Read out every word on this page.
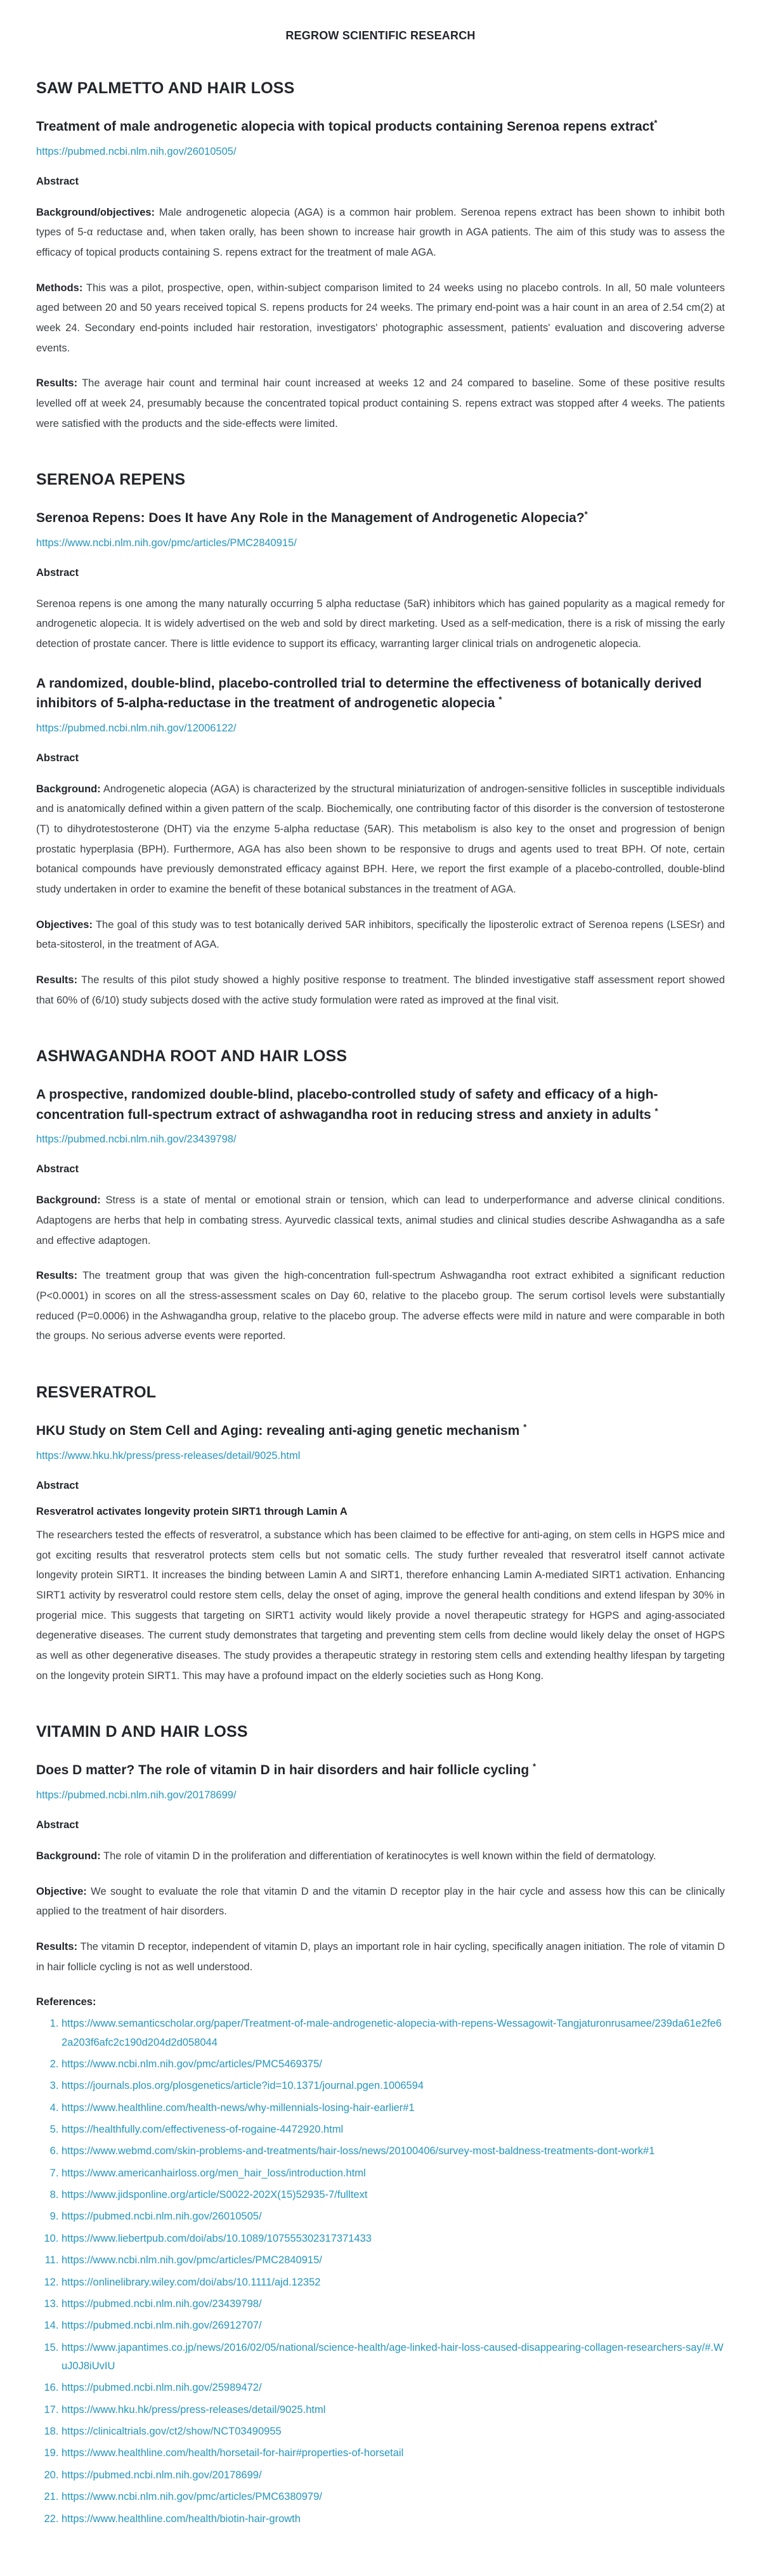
REGROW SCIENTIFIC RESEARCH
SAW PALMETTO AND HAIR LOSS
Treatment of male androgenetic alopecia with topical products containing Serenoa repens extract*
https://pubmed.ncbi.nlm.nih.gov/26010505/
Abstract

Background/objectives: Male androgenetic alopecia (AGA) is a common hair problem. Serenoa repens extract has been shown to inhibit both types of 5-α reductase and, when taken orally, has been shown to increase hair growth in AGA patients. The aim of this study was to assess the efficacy of topical products containing S. repens extract for the treatment of male AGA.

Methods: This was a pilot, prospective, open, within-subject comparison limited to 24 weeks using no placebo controls. In all, 50 male volunteers aged between 20 and 50 years received topical S. repens products for 24 weeks. The primary end-point was a hair count in an area of 2.54 cm(2) at week 24. Secondary end-points included hair restoration, investigators' photographic assessment, patients' evaluation and discovering adverse events.

Results: The average hair count and terminal hair count increased at weeks 12 and 24 compared to baseline. Some of these positive results levelled off at week 24, presumably because the concentrated topical product containing S. repens extract was stopped after 4 weeks. The patients were satisfied with the products and the side-effects were limited.

SERENOA REPENS
Serenoa Repens: Does It have Any Role in the Management of Androgenetic Alopecia?*
https://www.ncbi.nlm.nih.gov/pmc/articles/PMC2840915/
Abstract

Serenoa repens is one among the many naturally occurring 5 alpha reductase (5aR) inhibitors which has gained popularity as a magical remedy for androgenetic alopecia. It is widely advertised on the web and sold by direct marketing. Used as a self-medication, there is a risk of missing the early detection of prostate cancer. There is little evidence to support its efficacy, warranting larger clinical trials on androgenetic alopecia.

A randomized, double-blind, placebo-controlled trial to determine the effectiveness of botanically derived inhibitors of 5-alpha-reductase in the treatment of androgenetic alopecia *
https://pubmed.ncbi.nlm.nih.gov/12006122/
Abstract

Background: Androgenetic alopecia (AGA) is characterized by the structural miniaturization of androgen-sensitive follicles in susceptible individuals and is anatomically defined within a given pattern of the scalp. Biochemically, one contributing factor of this disorder is the conversion of testosterone (T) to dihydrotestosterone (DHT) via the enzyme 5-alpha reductase (5AR). This metabolism is also key to the onset and progression of benign prostatic hyperplasia (BPH). Furthermore, AGA has also been shown to be responsive to drugs and agents used to treat BPH. Of note, certain botanical compounds have previously demonstrated efficacy against BPH. Here, we report the first example of a placebo-controlled, double-blind study undertaken in order to examine the benefit of these botanical substances in the treatment of AGA.

Objectives: The goal of this study was to test botanically derived 5AR inhibitors, specifically the liposterolic extract of Serenoa repens (LSESr) and beta-sitosterol, in the treatment of AGA.

Results: The results of this pilot study showed a highly positive response to treatment. The blinded investigative staff assessment report showed that 60% of (6/10) study subjects dosed with the active study formulation were rated as improved at the final visit.

ASHWAGANDHA ROOT AND HAIR LOSS
A prospective, randomized double-blind, placebo-controlled study of safety and efficacy of a high-concentration full-spectrum extract of ashwagandha root in reducing stress and anxiety in adults *
https://pubmed.ncbi.nlm.nih.gov/23439798/
Abstract

Background: Stress is a state of mental or emotional strain or tension, which can lead to underperformance and adverse clinical conditions. Adaptogens are herbs that help in combating stress. Ayurvedic classical texts, animal studies and clinical studies describe Ashwagandha as a safe and effective adaptogen.

Results: The treatment group that was given the high-concentration full-spectrum Ashwagandha root extract exhibited a significant reduction (P<0.0001) in scores on all the stress-assessment scales on Day 60, relative to the placebo group. The serum cortisol levels were substantially reduced (P=0.0006) in the Ashwagandha group, relative to the placebo group. The adverse effects were mild in nature and were comparable in both the groups. No serious adverse events were reported.

RESVERATROL
HKU Study on Stem Cell and Aging: revealing anti-aging genetic mechanism *
https://www.hku.hk/press/press-releases/detail/9025.html
Abstract
Resveratrol activates longevity protein SIRT1 through Lamin A

The researchers tested the effects of resveratrol, a substance which has been claimed to be effective for anti-aging, on stem cells in HGPS mice and got exciting results that resveratrol protects stem cells but not somatic cells. The study further revealed that resveratrol itself cannot activate longevity protein SIRT1. It increases the binding between Lamin A and SIRT1, therefore enhancing Lamin A-mediated SIRT1 activation. Enhancing SIRT1 activity by resveratrol could restore stem cells, delay the onset of aging, improve the general health conditions and extend lifespan by 30% in progerial mice. This suggests that targeting on SIRT1 activity would likely provide a novel therapeutic strategy for HGPS and aging-associated degenerative diseases. The current study demonstrates that targeting and preventing stem cells from decline would likely delay the onset of HGPS as well as other degenerative diseases. The study provides a therapeutic strategy in restoring stem cells and extending healthy lifespan by targeting on the longevity protein SIRT1. This may have a profound impact on the elderly societies such as Hong Kong.

VITAMIN D AND HAIR LOSS
Does D matter? The role of vitamin D in hair disorders and hair follicle cycling *
https://pubmed.ncbi.nlm.nih.gov/20178699/
Abstract

Background: The role of vitamin D in the proliferation and differentiation of keratinocytes is well known within the field of dermatology.

Objective: We sought to evaluate the role that vitamin D and the vitamin D receptor play in the hair cycle and assess how this can be clinically applied to the treatment of hair disorders.

Results: The vitamin D receptor, independent of vitamin D, plays an important role in hair cycling, specifically anagen initiation. The role of vitamin D in hair follicle cycling is not as well understood.

References:
1. https://www.semanticscholar.org/paper/Treatment-of-male-androgenetic-alopecia-with-repens-Wessagowit-Tangjaturonrusamee/239da61e2fe62a203f6afc2c190d204d2d058044
2. https://www.ncbi.nlm.nih.gov/pmc/articles/PMC5469375/
3. https://journals.plos.org/plosgenetics/article?id=10.1371/journal.pgen.1006594
4. https://www.healthline.com/health-news/why-millennials-losing-hair-earlier#1
5. https://healthfully.com/effectiveness-of-rogaine-4472920.html
6. https://www.webmd.com/skin-problems-and-treatments/hair-loss/news/20100406/survey-most-baldness-treatments-dont-work#1
7. https://www.americanhairloss.org/men_hair_loss/introduction.html
8. https://www.jidsponline.org/article/S0022-202X(15)52935-7/fulltext
9. https://pubmed.ncbi.nlm.nih.gov/26010505/
10. https://www.liebertpub.com/doi/abs/10.1089/107555302317371433
11. https://www.ncbi.nlm.nih.gov/pmc/articles/PMC2840915/
12. https://onlinelibrary.wiley.com/doi/abs/10.1111/ajd.12352
13. https://pubmed.ncbi.nlm.nih.gov/23439798/
14. https://pubmed.ncbi.nlm.nih.gov/26912707/
15. https://www.japantimes.co.jp/news/2016/02/05/national/science-health/age-linked-hair-loss-caused-disappearing-collagen-researchers-say/#.WuJ0J8iUvIU
16. https://pubmed.ncbi.nlm.nih.gov/25989472/
17. https://www.hku.hk/press/press-releases/detail/9025.html
18. https://clinicaltrials.gov/ct2/show/NCT03490955
19. https://www.healthline.com/health/horsetail-for-hair#properties-of-horsetail
20. https://pubmed.ncbi.nlm.nih.gov/20178699/
21. https://www.ncbi.nlm.nih.gov/pmc/articles/PMC6380979/
22. https://www.healthline.com/health/biotin-hair-growth
